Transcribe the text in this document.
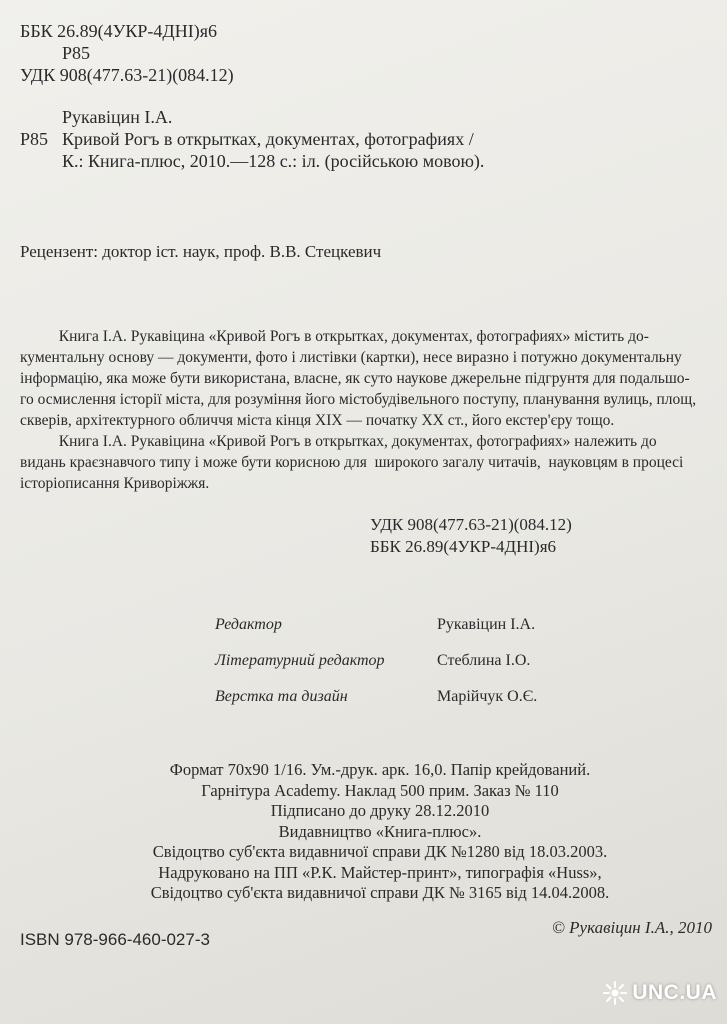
ББК 26.89(4УКР-4ДНІ)я6
Р85
УДК 908(477.63-21)(084.12)
Рукавіцин І.А.
Р85 Кривой Рогъ в открытках, документах, фотографиях /
К.: Книга-плюс, 2010.—128 с.: іл. (російською мовою).
Рецензент: доктор іст. наук, проф. В.В. Стецкевич
Книга І.А. Рукавіцина «Кривой Рогъ в открытках, документах, фотографиях» містить до-
кументальну основу — документи, фото і листівки (картки), несе виразно і потужно документальну
інформацію, яка може бути використана, власне, як суто наукове джерельне підгрунтя для подальшо-
го осмислення історії міста, для розуміння його містобудівельного поступу, планування вулиць, площ,
скверів, архітектурного обличчя міста кінця XIX — початку XX ст., його екстер'єру тощо.
Книга І.А. Рукавіцина «Кривой Рогъ в открытках, документах, фотографиях» належить до
видань краєзнавчого типу і може бути корисною для  широкого загалу читачів,  науковцям в процесі
історіописання Криворіжжя.
УДК 908(477.63-21)(084.12)
ББК 26.89(4УКР-4ДНІ)я6
Редактор	Рукавіцин І.А.
Літературний редактор	Стеблина І.О.
Верстка та дизайн	Марійчук О.Є.
Формат 70х90 1/16. Ум.-друк. арк. 16,0. Папір крейдований.
Гарнітура Academy. Наклад 500 прим. Заказ № 110
Підписано до друку 28.12.2010
Видавництво «Книга-плюс».
Свідоцтво суб'єкта видавничої справи ДК №1280 від 18.03.2003.
Надруковано на ПП «Р.К. Майстер-принт», типографія «Huss»,
Свідоцтво суб'єкта видавничої справи ДК № 3165 від 14.04.2008.
ISBN 978-966-460-027-3
© Рукавіцин І.А., 2010
UNC.UA
